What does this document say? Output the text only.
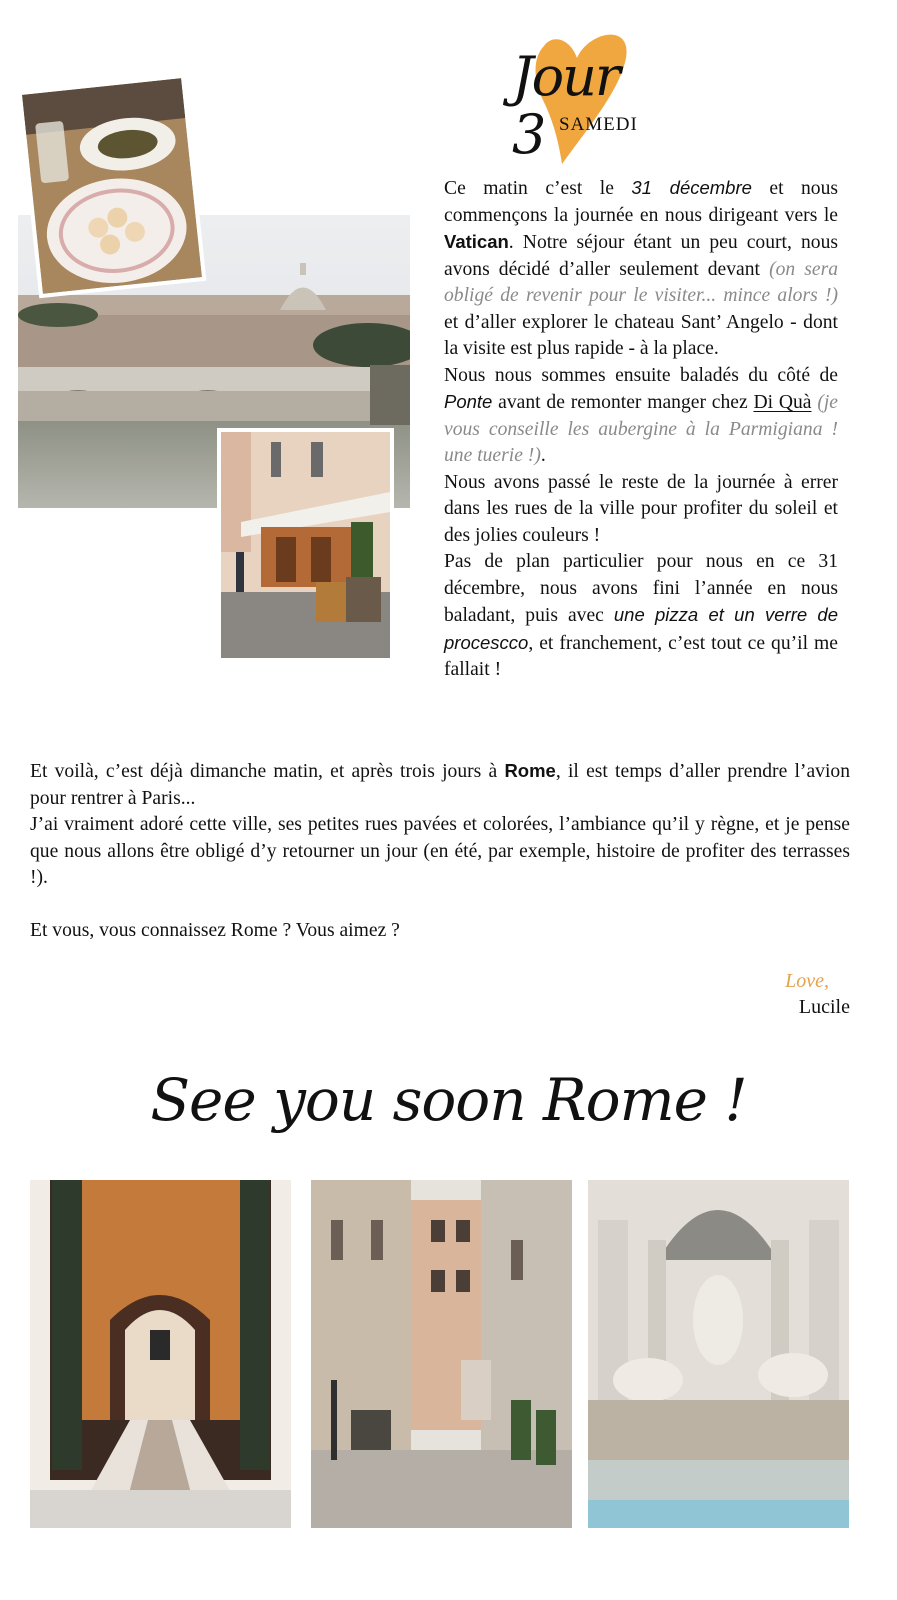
Jour 3 SAMEDI

Ce matin c’est le 31 décembre et nous commençons la journée en nous dirigeant vers le Vatican. Notre séjour étant un peu court, nous avons décidé d’aller seulement devant (on sera obligé de revenir pour le visiter... mince alors !) et d’aller explorer le chateau Sant’ Angelo - dont la visite est plus rapide - à la place.

Nous nous sommes ensuite baladés du côté de Ponte avant de remonter manger chez Di Quà (je vous conseille les aubergine à la Parmigiana ! une tuerie !).

Nous avons passé le reste de la journée à errer dans les rues de la ville pour profiter du soleil et des jolies couleurs !

Pas de plan particulier pour nous en ce 31 décembre, nous avons fini l’année en nous baladant, puis avec une pizza et un verre de procescco, et franchement, c’est tout ce qu’il me fallait !

Et voilà, c’est déjà dimanche matin, et après trois jours à Rome, il est temps d’aller prendre l’avion pour rentrer à Paris...

J’ai vraiment adoré cette ville, ses petites rues pavées et colorées, l’ambiance qu’il y règne, et je pense que nous allons être obligé d’y retourner un jour (en été, par exemple, histoire de profiter des terrasses !).

Et vous, vous connaissez Rome ? Vous aimez ?

Love,
Lucile
See you soon Rome !
